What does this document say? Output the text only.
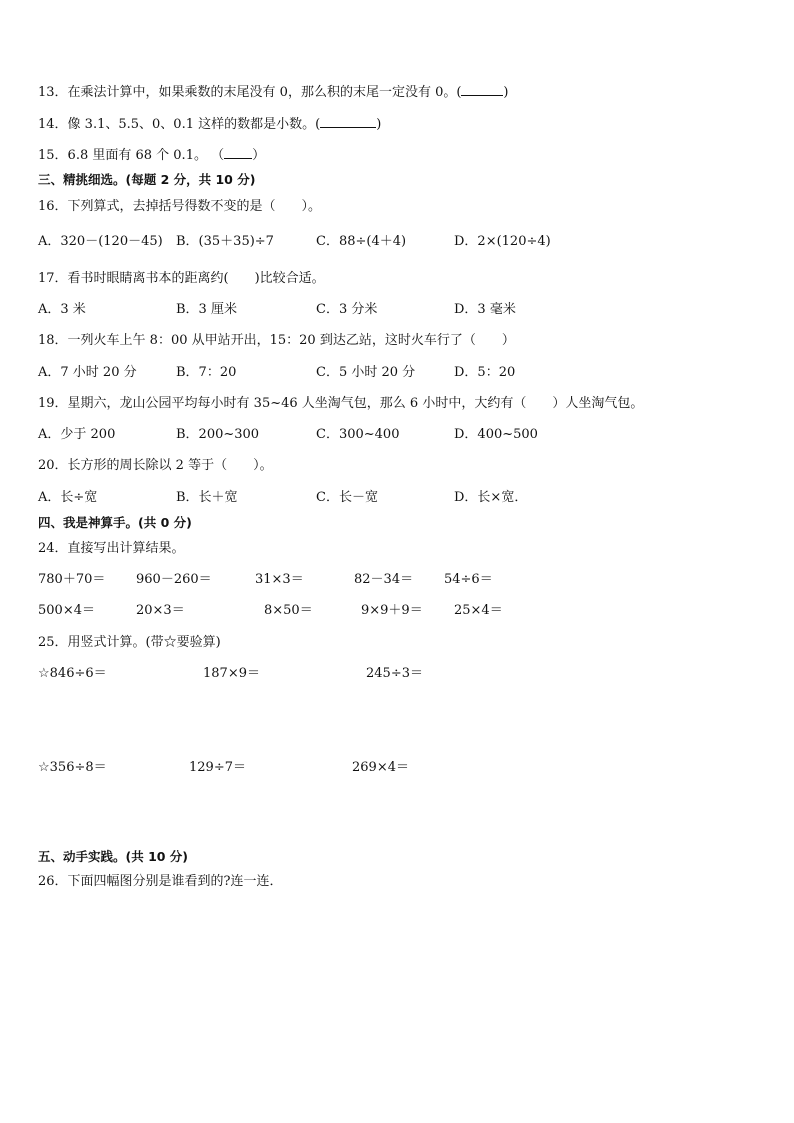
13．在乘法计算中，如果乘数的末尾没有 0，那么积的末尾一定没有 0。(	)
14．像 3.1、5.5、0、0.1 这样的数都是小数。(	)
15．6.8 里面有 68 个 0.1。 （ ）
三、精挑细选。(每题 2 分，共 10 分)
16．下列算式，去掉括号得数不变的是（　　）。
A．320－(120－45) B．(35＋35)÷7	C．88÷(4＋4)	D．2×(120÷4)
17．看书时眼睛离书本的距离约(　　)比较合适。
A．3 米	B．3 厘米	C．3 分米	D．3 毫米
18．一列火车上午 8：00 从甲站开出，15：20 到达乙站，这时火车行了（　　）
A．7 小时 20 分	B．7：20	C．5 小时 20 分	D．5：20
19．星期六，龙山公园平均每小时有 35~46 人坐淘气包，那么 6 小时中，大约有（　　）人坐淘气包。
A．少于 200	B．200~300	C．300~400	D．400~500
20．长方形的周长除以 2 等于（　　）。
A．长÷宽	B．长＋宽	C．长－宽	D．长×宽．
四、我是神算手。(共 0 分)
24．直接写出计算结果。
780＋70＝ 960－260＝	31×3＝	82－34＝ 54÷6＝
500×4＝	20×3＝	8×50＝	9×9＋9＝ 25×4＝
25．用竖式计算。(带☆要验算)
☆846÷6＝	187×9＝	245÷3＝
☆356÷8＝	129÷7＝	269×4＝
五、动手实践。(共 10 分)
26．下面四幅图分别是谁看到的?连一连．
